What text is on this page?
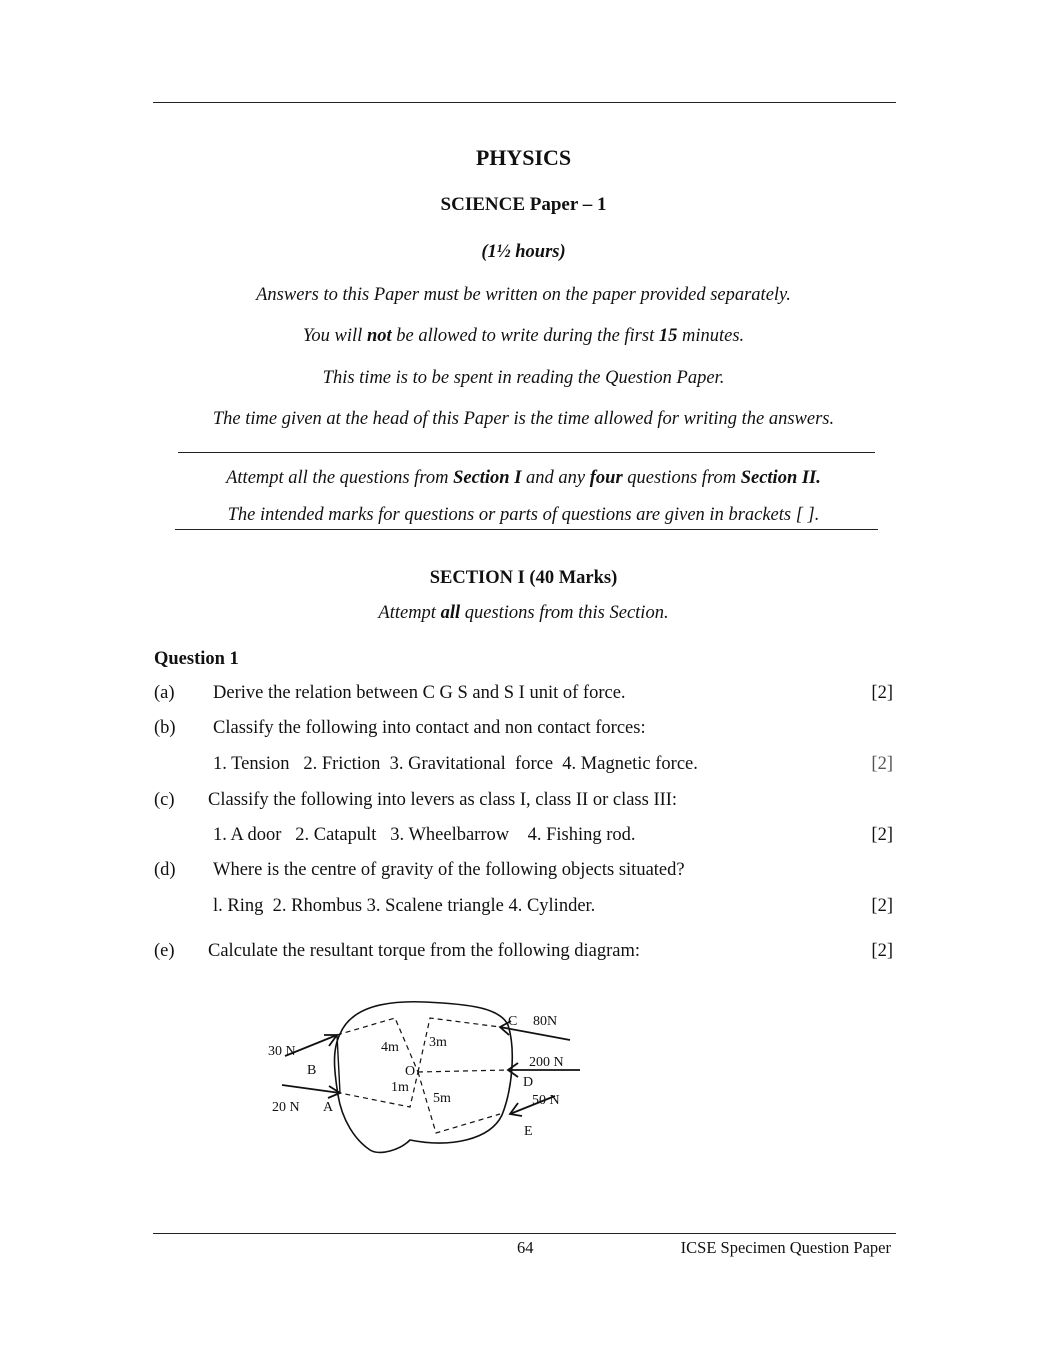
PHYSICS
SCIENCE Paper – 1
(1½ hours)
Answers to this Paper must be written on the paper provided separately.
You will not be allowed to write during the first 15 minutes.
This time is to be spent in reading the Question Paper.
The time given at the head of this Paper is the time allowed for writing the answers.
Attempt all the questions from Section I and any four questions from Section II.
The intended marks for questions or parts of questions are given in brackets [ ].
SECTION I (40 Marks)
Attempt all questions from this Section.
Question 1
(a) Derive the relation between C G S and S I unit of force.	[2]
(b) Classify the following into contact and non contact forces:
1. Tension   2. Friction  3. Gravitational  force  4. Magnetic force.	[2]
(c) Classify the following into levers as class I, class II or class III:
1. A door   2. Catapult   3. Wheelbarrow    4. Fishing rod.	[2]
(d) Where is the centre of gravity of the following objects situated?
l. Ring  2. Rhombus 3. Scalene triangle 4. Cylinder.	[2]
(e) Calculate the resultant torque from the following diagram:	[2]
30 N
B
20 N A
4m 3m
O
1m
5m
C 80N
200 N
D
50 N
E
64	ICSE Specimen Question Paper
